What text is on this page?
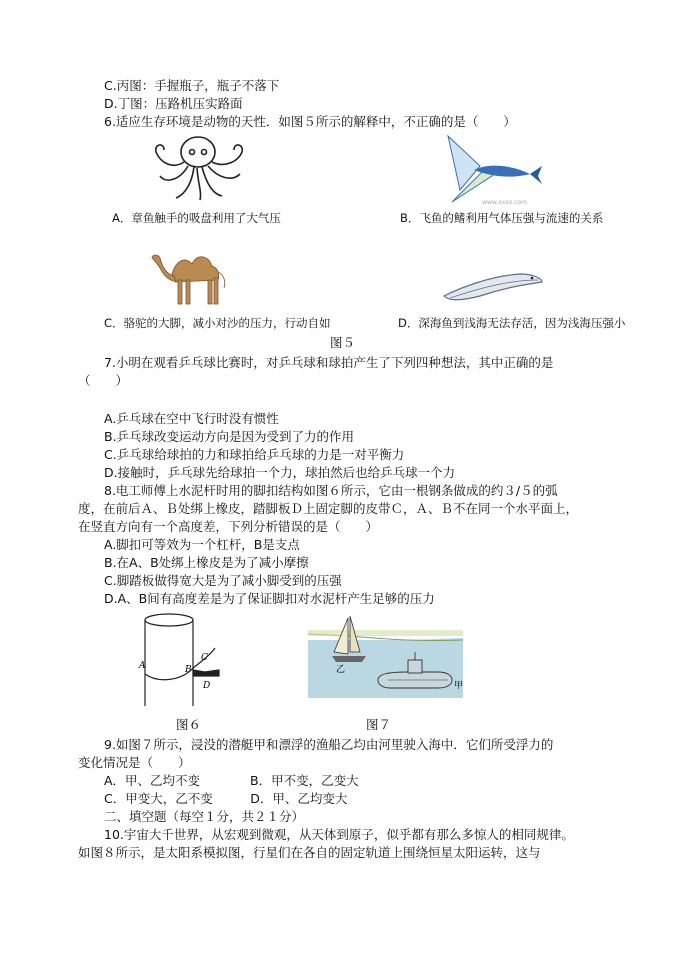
C.丙图：手握瓶子，瓶子不落下
D.丁图：压路机压实路面
6.适应生存环境是动物的天性．如图５所示的解释中，不正确的是（　　）
A．章鱼触手的吸盘利用了大气压
www.xxxx.com
B．飞鱼的鳍利用气体压强与流速的关系
C．骆驼的大脚，减小对沙的压力，行动自如	D．深海鱼到浅海无法存活，因为浅海压强小
图５
7.小明在观看乒乓球比赛时，对乒乓球和球拍产生了下列四种想法，其中正确的是
（　　）
A.乒乓球在空中飞行时没有惯性
B.乒乓球改变运动方向是因为受到了力的作用
C.乒乓球给球拍的力和球拍给乒乓球的力是一对平衡力
D.接触时，乒乓球先给球拍一个力，球拍然后也给乒乓球一个力
8.电工师傅上水泥杆时用的脚扣结构如图６所示，它由一根钢条做成的约３/５的弧
度，在前后Ａ、Ｂ处绑上橡皮，踏脚板Ｄ上固定脚的皮带Ｃ，Ａ、Ｂ不在同一个水平面上，
在竖直方向有一个高度差，下列分析错误的是（　　）
A.脚扣可等效为一个杠杆，B是支点
B.在A、B处绑上橡皮是为了减小摩擦
C.脚踏板做得宽大是为了减小脚受到的压强
D.A、B间有高度差是为了保证脚扣对水泥杆产生足够的压力
A	B
C
D
图６
乙
甲
图７
9.如图７所示，浸没的潜艇甲和漂浮的渔船乙均由河里驶入海中．它们所受浮力的
变化情况是（　　）
A．甲、乙均不变　　　　B．甲不变，乙变大
C．甲变大，乙不变　　　D．甲、乙均变大
二、填空题（每空１分，共２１分）
10.宇宙大千世界，从宏观到微观，从天体到原子，似乎都有那么多惊人的相同规律。
如图８所示，是太阳系模拟图，行星们在各自的固定轨道上围绕恒星太阳运转，这与
